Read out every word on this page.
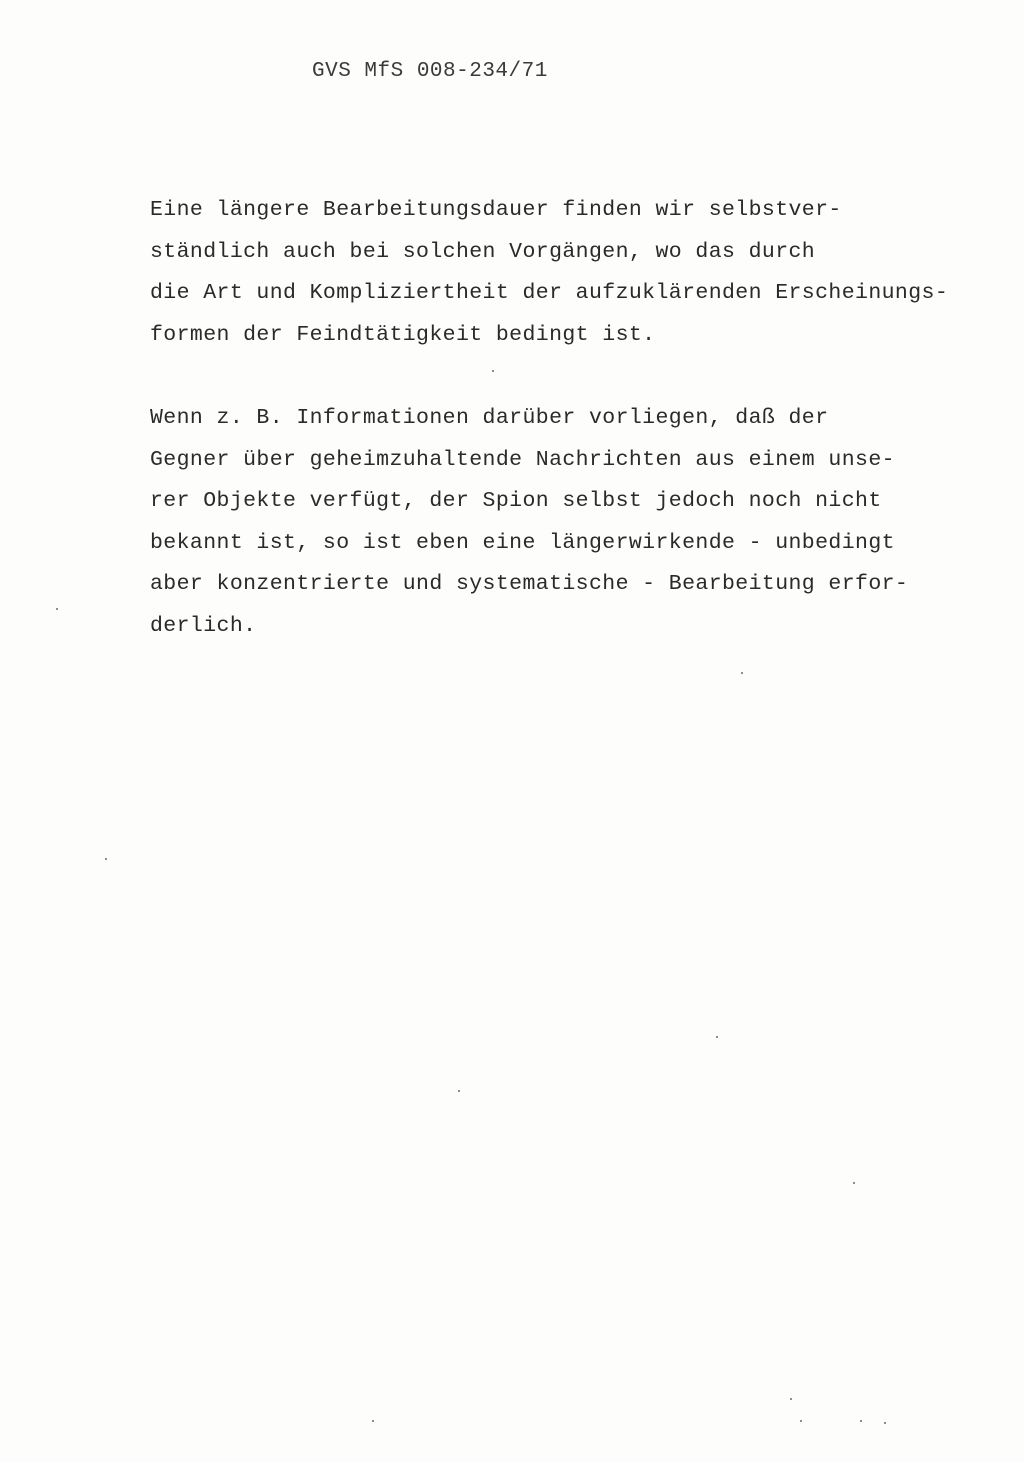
GVS MfS 008-234/71
Eine längere Bearbeitungsdauer finden wir selbstver-
ständlich auch bei solchen Vorgängen, wo das durch
die Art und Kompliziertheit der aufzuklärenden Erscheinungs-
formen der Feindtätigkeit bedingt ist.
Wenn z. B. Informationen darüber vorliegen, daß der
Gegner über geheimzuhaltende Nachrichten aus einem unse-
rer Objekte verfügt, der Spion selbst jedoch noch nicht
bekannt ist, so ist eben eine längerwirkende - unbedingt
aber konzentrierte und systematische - Bearbeitung erfor-
derlich.
